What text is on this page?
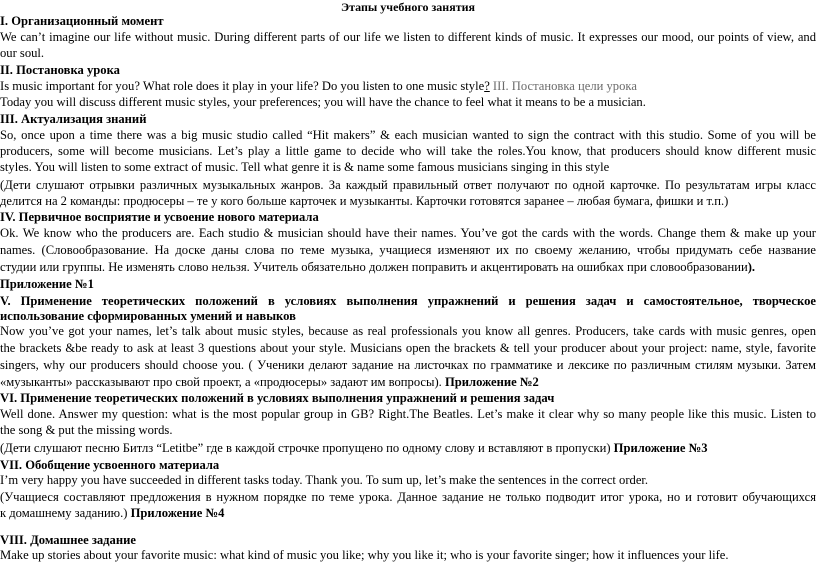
Этапы учебного занятия
I. Организационный момент
We can’t imagine our life without music. During different parts of our life we listen to different kinds of music. It expresses our mood, our points of view, and
our soul.
II. Постановка урока
Is music important for you? What role does it play in your life? Do you listen to one music style? III. Постановка цели урока
Today you will discuss different music styles, your preferences; you will have the chance to feel what it means to be a musician.
III. Актуализация знаний
So, once upon a time there was a big music studio called “Hit makers” & each musician wanted to sign the contract with this studio. Some of you will be
producers, some will become musicians. Let’s play a little game to decide who will take the roles.You know, that producers should know different music
styles. You will listen to some extract of music. Tell what genre it is & name some famous musicians singing in this style
(Дети слушают отрывки различных музыкальных жанров. За каждый правильный ответ получают по одной карточке. По результатам игры класс
делится на 2 команды: продюсеры – те у кого больше карточек и музыканты. Карточки готовятся заранее – любая бумага, фишки и т.п.)
IV. Первичное восприятие и усвоение нового материала
Ok. We know who the producers are. Each studio & musician should have their names. You’ve got the cards with the words. Change them & make up your
names. (Словообразование. На доске даны слова по теме музыка, учащиеся изменяют их по своему желанию, чтобы придумать себе название
студии или группы. Не изменять слово нельзя. Учитель обязательно должен поправить и акцентировать на ошибках при словообразовании).
Приложение №1
V. Применение теоретических положений в условиях выполнения упражнений и решения задач и самостоятельное, творческое
использование сформированных умений и навыков
Now you’ve got your names, let’s talk about music styles, because as real professionals you know all genres. Producers, take cards with music genres, open
the brackets &be ready to ask at least 3 questions about your style. Musicians open the brackets & tell your producer about your project: name, style, favorite
singers, why our producers should choose you. ( Ученики делают задание на листочках по грамматике и лексике по различным стилям музыки. Затем
«музыканты» рассказывают про свой проект, а «продюсеры» задают им вопросы). Приложение №2
VI. Применение теоретических положений в условиях выполнения упражнений и решения задач
Well done. Answer my question: what is the most popular group in GB? Right.The Beatles. Let’s make it clear why so many people like this music. Listen to
the song & put the missing words.
(Дети слушают песню Битлз “Letitbe” где в каждой строчке пропущено по одному слову и вставляют в пропуски) Приложение №3
VII. Обобщение усвоенного материала
I’m very happy you have succeeded in different tasks today. Thank you. To sum up, let’s make the sentences in the correct order.
(Учащиеся составляют предложения в нужном порядке по теме урока. Данное задание не только подводит итог урока, но и готовит обучающихся
к домашнему заданию.) Приложение №4
VIII. Домашнее задание
Make up stories about your favorite music: what kind of music you like; why you like it; who is your favorite singer; how it influences your life.
